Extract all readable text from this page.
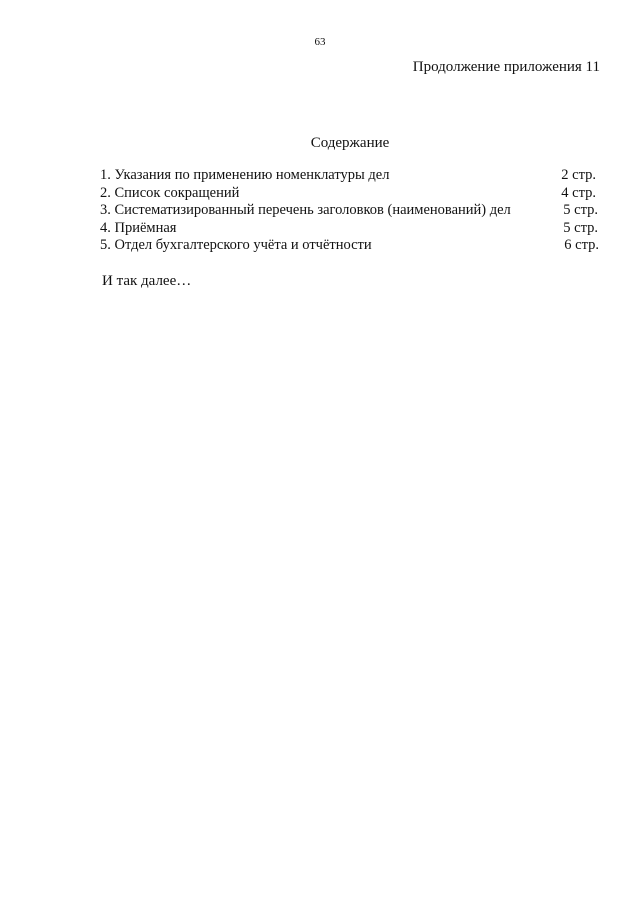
63
Продолжение приложения 11
Содержание
1. Указания по применению номенклатуры дел	2 стр.
2. Список сокращений	4 стр.
3. Систематизированный перечень заголовков (наименований) дел	5 стр.
4. Приёмная	5 стр.
5. Отдел бухгалтерского учёта и отчётности	6 стр.
И так далее…
